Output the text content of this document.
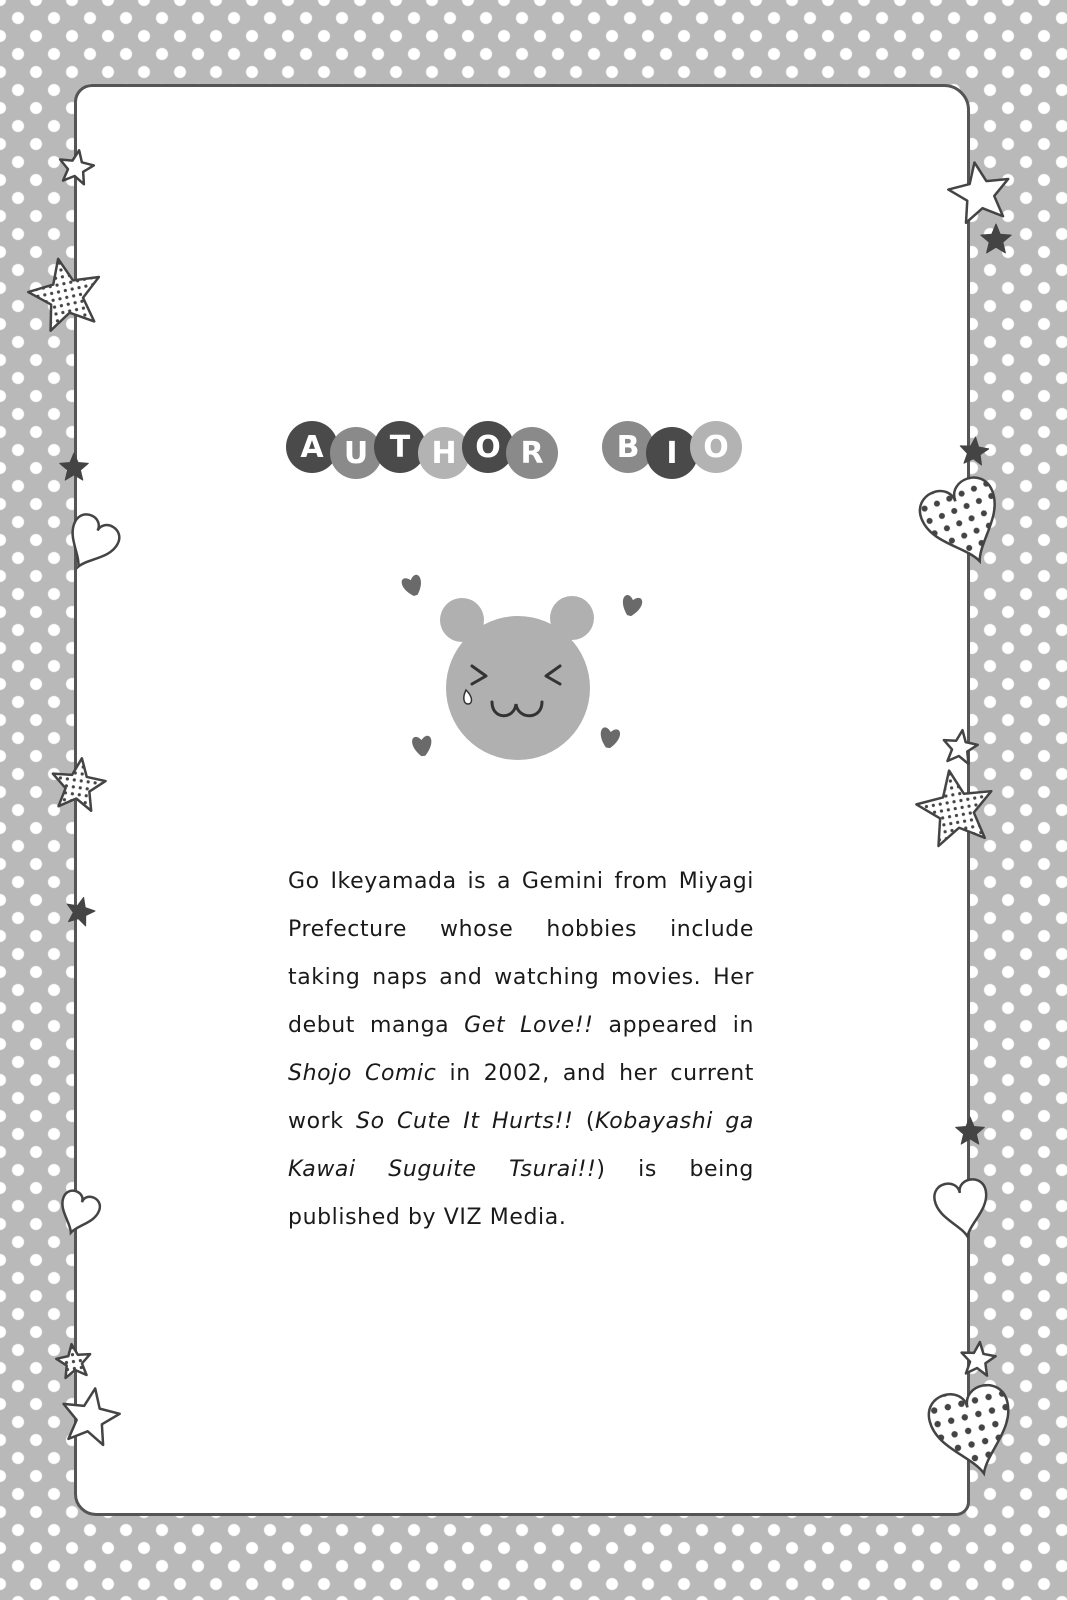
A U T H O R B I O
Go Ikeyamada is a Gemini from Miyagi Prefecture whose hobbies include taking naps and watching movies. Her debut manga Get Love!! appeared in Shojo Comic in 2002, and her current work So Cute It Hurts!! (Kobayashi ga Kawai Suguite Tsurai!!) is being published by VIZ Media.
